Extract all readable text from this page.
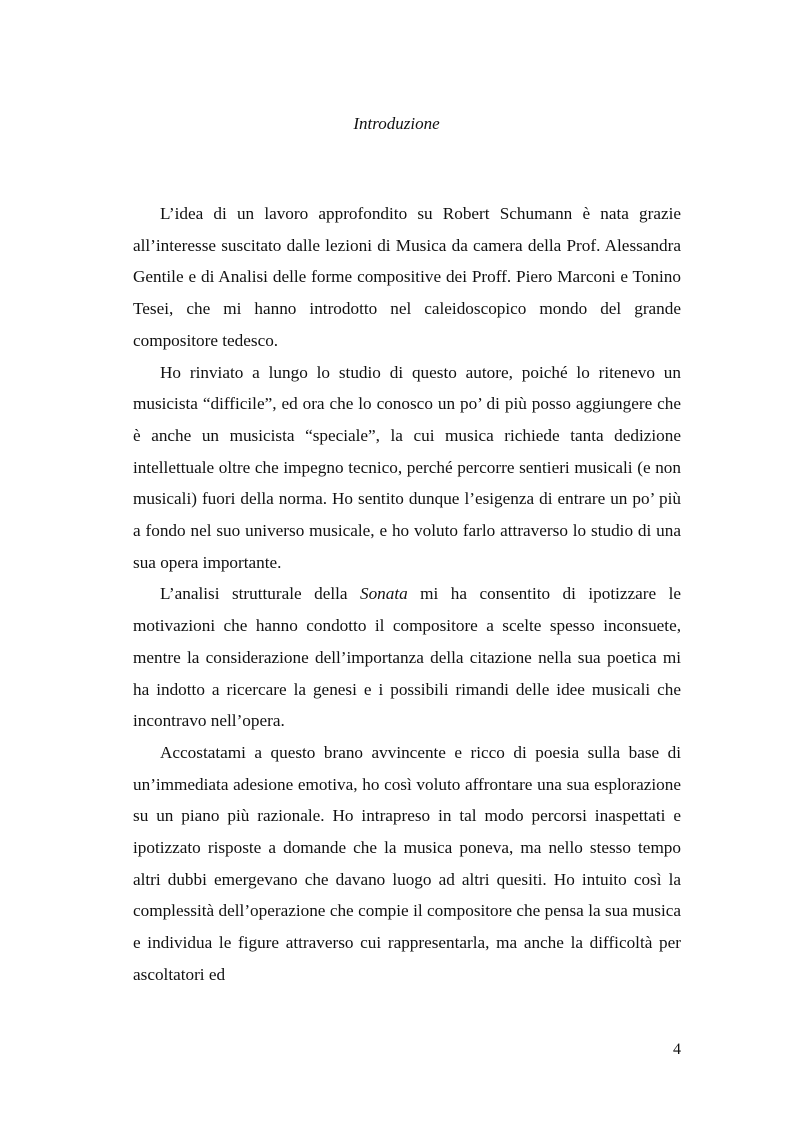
Introduzione

L’idea di un lavoro approfondito su Robert Schumann è nata grazie all’interesse suscitato dalle lezioni di Musica da camera della Prof. Alessandra Gentile e di Analisi delle forme compositive dei Proff. Piero Marconi e Tonino Tesei, che mi hanno introdotto nel caleidoscopico mondo del grande compositore tedesco.

Ho rinviato a lungo lo studio di questo autore, poiché lo ritenevo un musicista “difficile”, ed ora che lo conosco un po’ di più posso aggiungere che è anche un musicista “speciale”, la cui musica richiede tanta dedizione intellettuale oltre che impegno tecnico, perché percorre sentieri musicali (e non musicali) fuori della norma. Ho sentito dunque l’esigenza di entrare un po’ più a fondo nel suo universo musicale, e ho voluto farlo attraverso lo studio di una sua opera importante.

L’analisi strutturale della Sonata mi ha consentito di ipotizzare le motivazioni che hanno condotto il compositore a scelte spesso inconsuete, mentre la considerazione dell’importanza della citazione nella sua poetica mi ha indotto a ricercare la genesi e i possibili rimandi delle idee musicali che incontravo nell’opera.

Accostatami a questo brano avvincente e ricco di poesia sulla base di un’immediata adesione emotiva, ho così voluto affrontare una sua esplorazione su un piano più razionale. Ho intrapreso in tal modo percorsi inaspettati e ipotizzato risposte a domande che la musica poneva, ma nello stesso tempo altri dubbi emergevano che davano luogo ad altri quesiti. Ho intuito così la complessità dell’operazione che compie il compositore che pensa la sua musica e individua le figure attraverso cui rappresentarla, ma anche la difficoltà per ascoltatori ed

4
